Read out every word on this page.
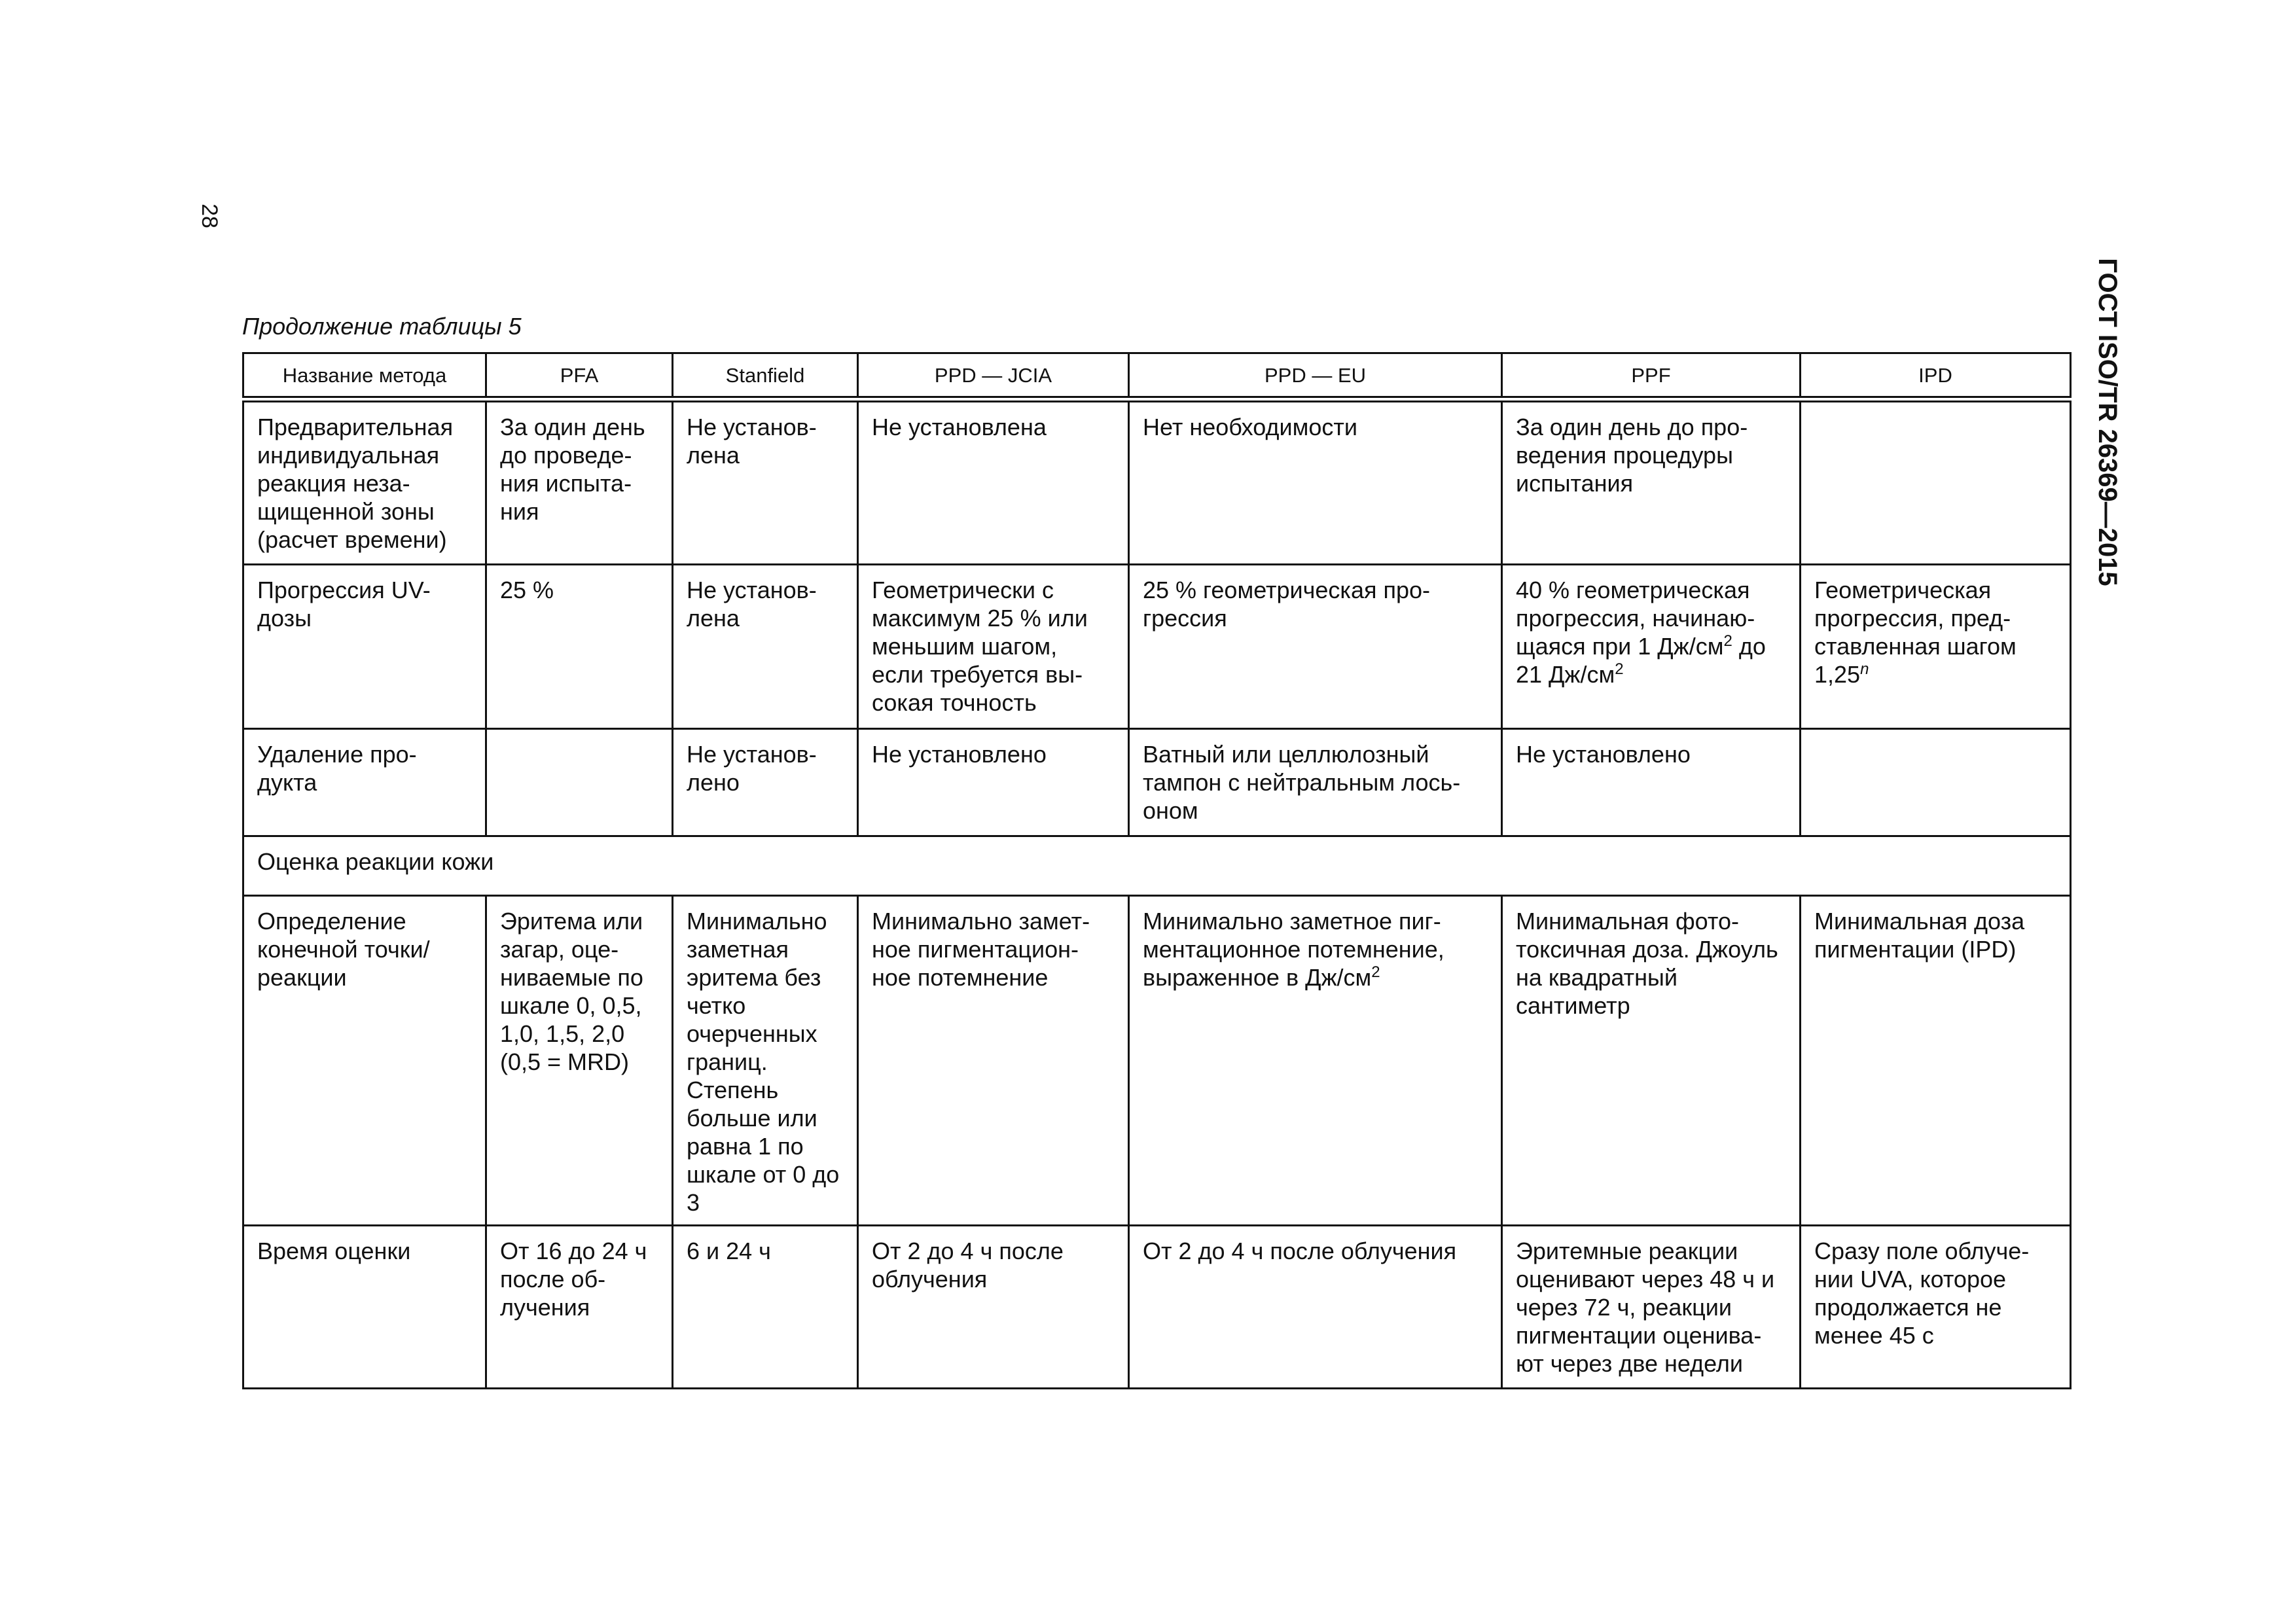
28
ГОСТ ISO/TR 26369—2015
Продолжение таблицы 5
Название метода	PFA	Stanfield	PPD — JCIA	PPD — EU	PPF	IPD
Предварительная индивидуальная реакция неза-щищенной зоны (расчет времени)	За один день до проведе-ния испыта-ния	Не установ-лена	Не установлена	Нет необходимости	За один день до про-ведения процедуры испытания	
Прогрессия UV-дозы	25 %	Не установ-лена	Геометрически с максимум 25 % или меньшим шагом, если требуется вы-сокая точность	25 % геометрическая про-грессия	40 % геометрическая прогрессия, начинаю-щаяся при 1 $Дж/см^2$ до 21 $Дж/см^2$	Геометрическая прогрессия, пред-ставленная шагом 1,25$^n$
Удаление про-дукта		Не установ-лено	Не установлено	Ватный или целлюлозный тампон с нейтральным лось-оном	Не установлено	
Оценка реакции кожи						
Определение конечной точки/ реакции	Эритема или загар, оце-ниваемые по шкале 0, 0,5, 1,0, 1,5, 2,0 (0,5 = MRD)	Минимально заметная эритема без четко очерченных границ. Степень больше или равна 1 по шкале от 0 до 3	Минимально замет-ное пигментацион-ное потемнение	Минимально заметное пиг-ментационное потемнение, выраженное в $Дж/см^2$	Минимальная фото-токсичная доза. Джоуль на квадратный сантиметр	Минимальная доза пигментации (IPD)
Время оценки	От 16 до 24 ч после об-лучения	6 и 24 ч	От 2 до 4 ч после облучения	От 2 до 4 ч после облучения	Эритемные реакции оценивают через 48 ч и через 72 ч, реакции пигментации оценива-ют через две недели	Сразу поле облуче-нии UVA, которое продолжается не менее 45 с
